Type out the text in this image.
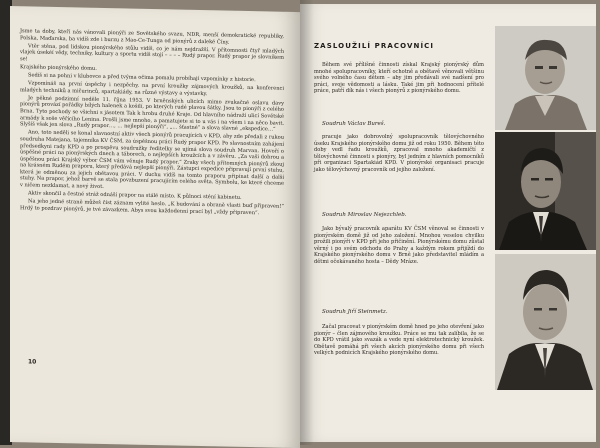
Jsme ta doby, kteří nás vánovali pionýři ze Sovětského svazu, NDR, menší demokratické republiky, Polska, Maďarska, ba vidíš zde i burzu z Mao-Ce-Tunga od pionýrů z daleké Číny.

Vtěr stěna, pod lidskou pionýrského stůlu vidíš, co je nám nejdražší. V přítomnosti čtyř mladých vlajek úsekéí vědy, techniky, kultury a sportu vidíš stojí – – – – Rudý prapor. Rudý prapor je slovníkem se!

Krajského pionýrského domu.

Sedíš si na pohni v klubovce a před tvýma očima pomalu probíhají vzpomínky z historie.

Vzpomínáš na první úspěchy i nezpěchy, na první kroužky zájmových kroužků, na konferenci mladých techniků a mičurinců, spartakiády, na různé výstavy a výstavky.

Je pěkné podzimní neděle 11. října 1953. V brněnských ulicích mimo zvukačné oslavu davy pionýrů provází pořádky bílých halenek a košilí, po kterých rudé plavou šátky. Jsou to pionýři z celého Brna. Tyto pochody se všichni s jásotem Tak k hrobu druhé Kraje. Od hlavního nádraží ulicí Sovětské armády k soše věřícího Lenina. Prošli jsme mnoho, a pamatujete si to u vás i na všem i na něco bavit. Slyšíš však jen slova „Rudý prapor…, … nejlepší pionýři“, „… šťastné“ a slova slavné „ekspedice…“

Ano, toto neděli se konal slavnostní aktiv všech pionýrů pracujících v KPD, aby zde předali z rukou soudruha Matejana, tajemníka KV ČSM, za úspěšnou práci Rudý prapor KPD. Po slavnostním zahájení předsedkyni rady KPD a po prospěvu soudružky ředitelky se ujímá slova soudruh Marvan. Hovoří o úspěšné práci na pionýrských dnech a táborech, o nejlepších kroužcích a v závěru. „Za vaši dobrou a úspěšnou práci Krajský výbor ČSM vám věnuje Rudý prapor.“ Zraky všech přítomných pionýrů zkouj na krásném Rudém praporu, který předává nejlepší pionýři. Zástupci expedice připravují první stuhu, která je odměnou za jejich obětavou práci. V duchu vidíš na tomto praporu připínat další a další stuhy. Na prapor, jehož barvě se stala povzbuzení pracujícím celého světa. Symbolu, ke které chceme v ničem nezklamat, a nový život.

Aktiv skončil a čestné stráž odnáší prapor na stálé místo. K půlnoci sténí kabinetu.

Na jeho jedné straně můžeš číst záznam vylité heslo. „K budování a obraně vlasti buď připraven!“ Hrdý to pozdrav pionýrů, je tvé závazkem. Abys svou každodenní prací byl „vždy připraven“.

10
ZASLOUŽILÍ PRACOVNÍCI

Během své přílišné činnosti získal Krajský pionýrský dům mnohé spolupracovníky, kteří ochotně a obětavě věnovali většinu svého volného času dětem – aby jim předávali své nadšení pro práci, svoje vědomosti a lásku. Také jim při hodnocení přítelé práce, patří dík nás i všech pionýrů z pionýrského domu.

Soudruh Václav Bureš.

pracuje jako dobrovolný spolupracovník tělovýchovného úseku Krajského pionýrského domu již od roku 1950. Během této doby vedl řadu kroužků, zpracoval mnoho akademičtí z tělovýchovné činnosti s pionýry, byl jedním z hlavních pomocníků při organizaci Spartakiád KPD. V pionýrské organisaci pracuje jako tělovýchovný pracovník od jejího založení.

Soudruh Miroslav Nejezchleb.

Jako bývalý pracovník aparátu KV ČSM věnoval se činnosti v pionýrském domě již od jeho založení. Mnohou veselou chvilku prožili pionýři v KPD při jeho přičinění. Pionýrskému domu zůstal věrný i po svém odchodu do Prahy a každým rokem přijíždí do Krajského pionýrského domu v Brně jako představitel mládím a dětmi očekávaného hosta – Dědy Mráze.

Soudruh Jiří Steinmetz.

Začal pracovat v pionýrském domě hned po jeho otevření jako pionýr – člen zájmového kroužku. Práce se mu tak zalíbila, že se do KPD vrátil jako svazák a vede nyní elektrotechnický kroužek. Obětavě pomáhá při všech akcích pionýrského domu při všech velkých podnicích Krajského pionýrského domu.
